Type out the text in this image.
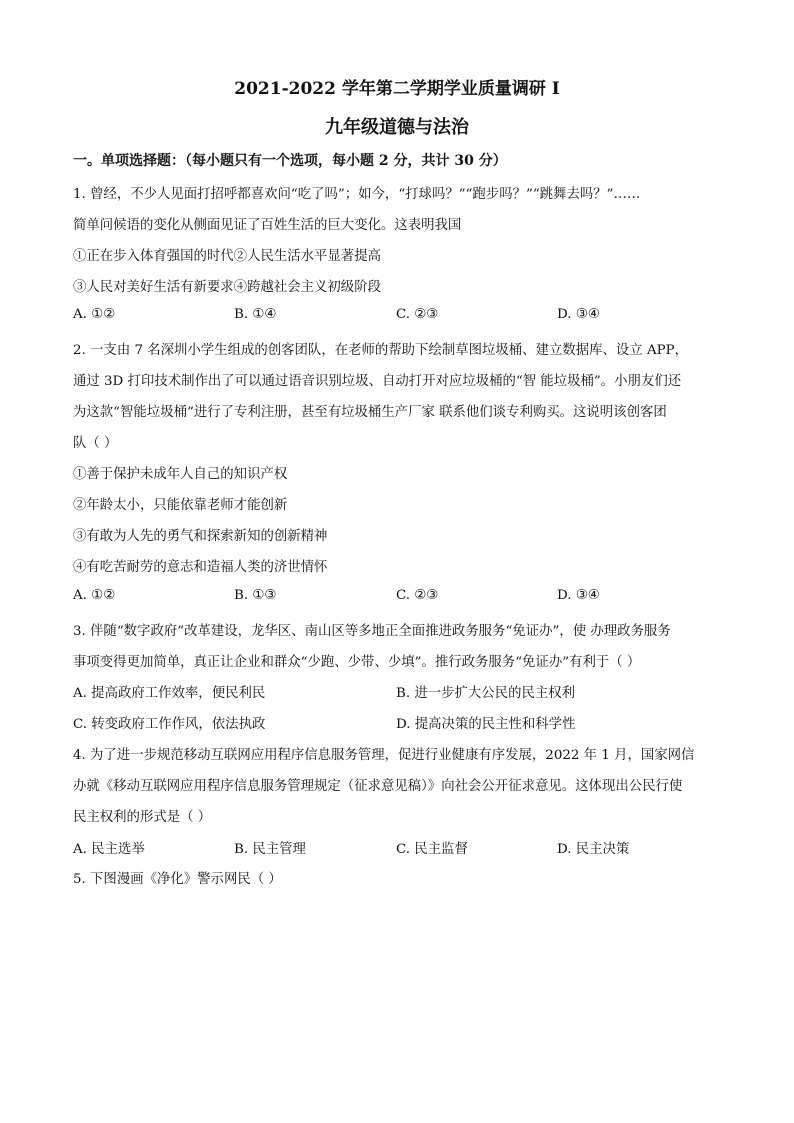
2021-2022 学年第二学期学业质量调研 Ⅰ
九年级道德与法治
一。单项选择题：（每小题只有一个选项，每小题 2 分，共计 30 分）
1. 曾经，不少人见面打招呼都喜欢问“吃了吗”；如今，“打球吗？”“跑步吗？”“跳舞去吗？”……
简单问候语的变化从侧面见证了百姓生活的巨大变化。这表明我国
①正在步入体育强国的时代②人民生活水平显著提高
③人民对美好生活有新要求④跨越社会主义初级阶段
A. ①②	B. ①④	C. ②③	D. ③④
2. 一支由 7 名深圳小学生组成的创客团队，在老师的帮助下绘制草图垃圾桶、建立数据库、设立 APP，
通过 3D 打印技术制作出了可以通过语音识别垃圾、自动打开对应垃圾桶的“智 能垃圾桶”。小朋友们还
为这款“智能垃圾桶”进行了专利注册，甚至有垃圾桶生产厂家 联系他们谈专利购买。这说明该创客团
队（ ）
①善于保护未成年人自己的知识产权
②年龄太小，只能依靠老师才能创新
③有敢为人先的勇气和探索新知的创新精神
④有吃苦耐劳的意志和造福人类的济世情怀
A. ①②	B. ①③	C. ②③	D. ③④
3. 伴随“数字政府”改革建设，龙华区、南山区等多地正全面推进政务服务“免证办”，使 办理政务服务
事项变得更加简单，真正让企业和群众“少跑、少带、少填”。推行政务服务“免证办”有利于（ ）
A. 提高政府工作效率，便民利民	B. 进一步扩大公民的民主权利
C. 转变政府工作作风，依法执政	D. 提高决策的民主性和科学性
4. 为了进一步规范移动互联网应用程序信息服务管理，促进行业健康有序发展，2022 年 1 月，国家网信
办就《移动互联网应用程序信息服务管理规定（征求意见稿）》向社会公开征求意见。这体现出公民行使
民主权利的形式是（ ）
A. 民主选举	B. 民主管理	C. 民主监督	D. 民主决策
5. 下图漫画《净化》警示网民（ ）
